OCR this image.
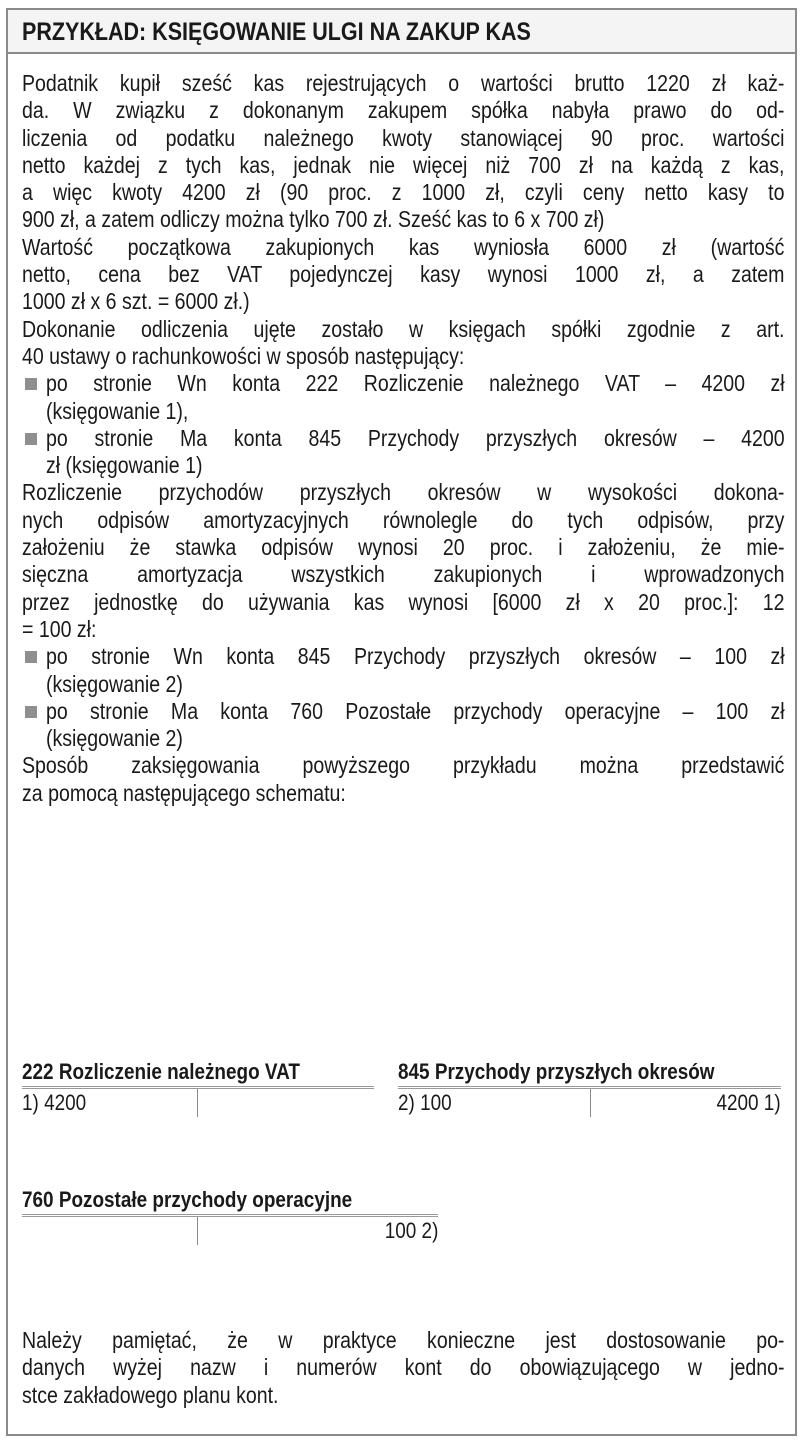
PRZYKŁAD: KSIĘGOWANIE ULGI NA ZAKUP KAS
Podatnik kupił sześć kas rejestrujących o wartości brutto 1220 zł każ-
da. W związku z dokonanym zakupem spółka nabyła prawo do od-
liczenia od podatku należnego kwoty stanowiącej 90 proc. wartości
netto każdej z tych kas, jednak nie więcej niż 700 zł na każdą z kas,
a więc kwoty 4200 zł (90 proc. z 1000 zł, czyli ceny netto kasy to
900 zł, a zatem odliczy można tylko 700 zł. Sześć kas to 6 x 700 zł)
Wartość początkowa zakupionych kas wyniosła 6000 zł (wartość
netto, cena bez VAT pojedynczej kasy wynosi 1000 zł, a zatem
1000 zł x 6 szt. = 6000 zł.)
Dokonanie odliczenia ujęte zostało w księgach spółki zgodnie z art.
40 ustawy o rachunkowości w sposób następujący:
po stronie Wn konta 222 Rozliczenie należnego VAT – 4200 zł
(księgowanie 1),
po stronie Ma konta 845 Przychody przyszłych okresów – 4200
zł (księgowanie 1)
Rozliczenie przychodów przyszłych okresów w wysokości dokona-
nych odpisów amortyzacyjnych równolegle do tych odpisów, przy
założeniu że stawka odpisów wynosi 20 proc. i założeniu, że mie-
sięczna amortyzacja wszystkich zakupionych i wprowadzonych
przez jednostkę do używania kas wynosi [6000 zł x 20 proc.]: 12
= 100 zł:
po stronie Wn konta 845 Przychody przyszłych okresów – 100 zł
(księgowanie 2)
po stronie Ma konta 760 Pozostałe przychody operacyjne – 100 zł
(księgowanie 2)
Sposób zaksięgowania powyższego przykładu można przedstawić
za pomocą następującego schematu:
222 Rozliczenie należnego VAT
1) 4200
845 Przychody przyszłych okresów
2) 100	4200 1)
760 Pozostałe przychody operacyjne
100 2)
Należy pamiętać, że w praktyce konieczne jest dostosowanie po-
danych wyżej nazw i numerów kont do obowiązującego w jedno-
stce zakładowego planu kont.
